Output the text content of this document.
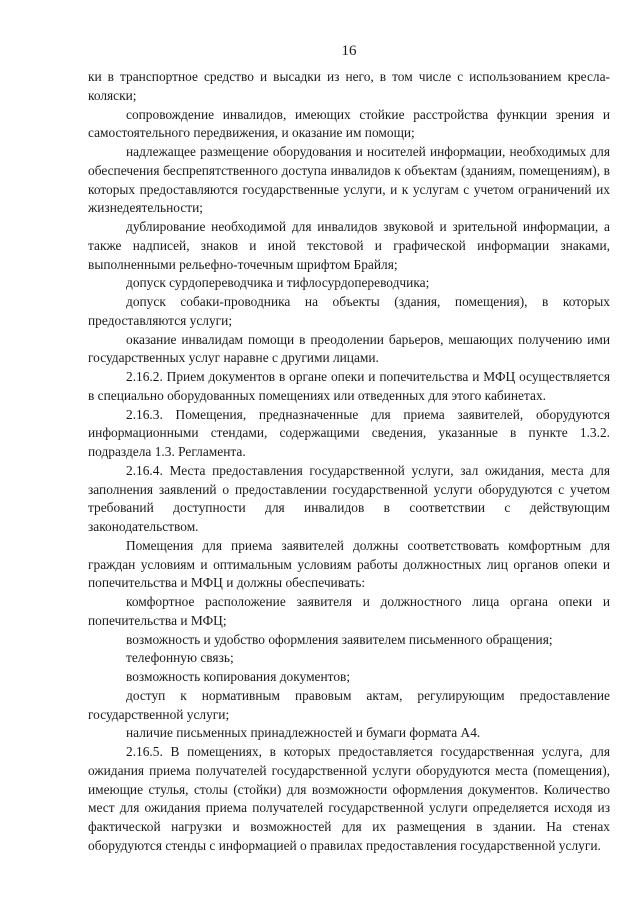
16

ки в транспортное средство и высадки из него, в том числе с использованием кресла-коляски;

сопровождение инвалидов, имеющих стойкие расстройства функции зрения и самостоятельного передвижения, и оказание им помощи;

надлежащее размещение оборудования и носителей информации, необходимых для обеспечения беспрепятственного доступа инвалидов к объектам (зданиям, помещениям), в которых предоставляются государственные услуги, и к услугам с учетом ограничений их жизнедеятельности;

дублирование необходимой для инвалидов звуковой и зрительной информации, а также надписей, знаков и иной текстовой и графической информации знаками, выполненными рельефно-точечным шрифтом Брайля;

допуск сурдопереводчика и тифлосурдопереводчика;

допуск собаки-проводника на объекты (здания, помещения), в которых предоставляются услуги;

оказание инвалидам помощи в преодолении барьеров, мешающих получению ими государственных услуг наравне с другими лицами.

2.16.2. Прием документов в органе опеки и попечительства и МФЦ осуществляется в специально оборудованных помещениях или отведенных для этого кабинетах.

2.16.3. Помещения, предназначенные для приема заявителей, оборудуются информационными стендами, содержащими сведения, указанные в пункте 1.3.2. подраздела 1.3. Регламента.

2.16.4. Места предоставления государственной услуги, зал ожидания, места для заполнения заявлений о предоставлении государственной услуги оборудуются с учетом требований доступности для инвалидов в соответствии с действующим законодательством.

Помещения для приема заявителей должны соответствовать комфортным для граждан условиям и оптимальным условиям работы должностных лиц органов опеки и попечительства и МФЦ и должны обеспечивать:

комфортное расположение заявителя и должностного лица органа опеки и попечительства и МФЦ;

возможность и удобство оформления заявителем письменного обращения;

телефонную связь;

возможность копирования документов;

доступ к нормативным правовым актам, регулирующим предоставление государственной услуги;

наличие письменных принадлежностей и бумаги формата А4.

2.16.5. В помещениях, в которых предоставляется государственная услуга, для ожидания приема получателей государственной услуги оборудуются места (помещения), имеющие стулья, столы (стойки) для возможности оформления документов. Количество мест для ожидания приема получателей государственной услуги определяется исходя из фактической нагрузки и возможностей для их размещения в здании. На стенах оборудуются стенды с информацией о правилах предоставления государственной услуги.
